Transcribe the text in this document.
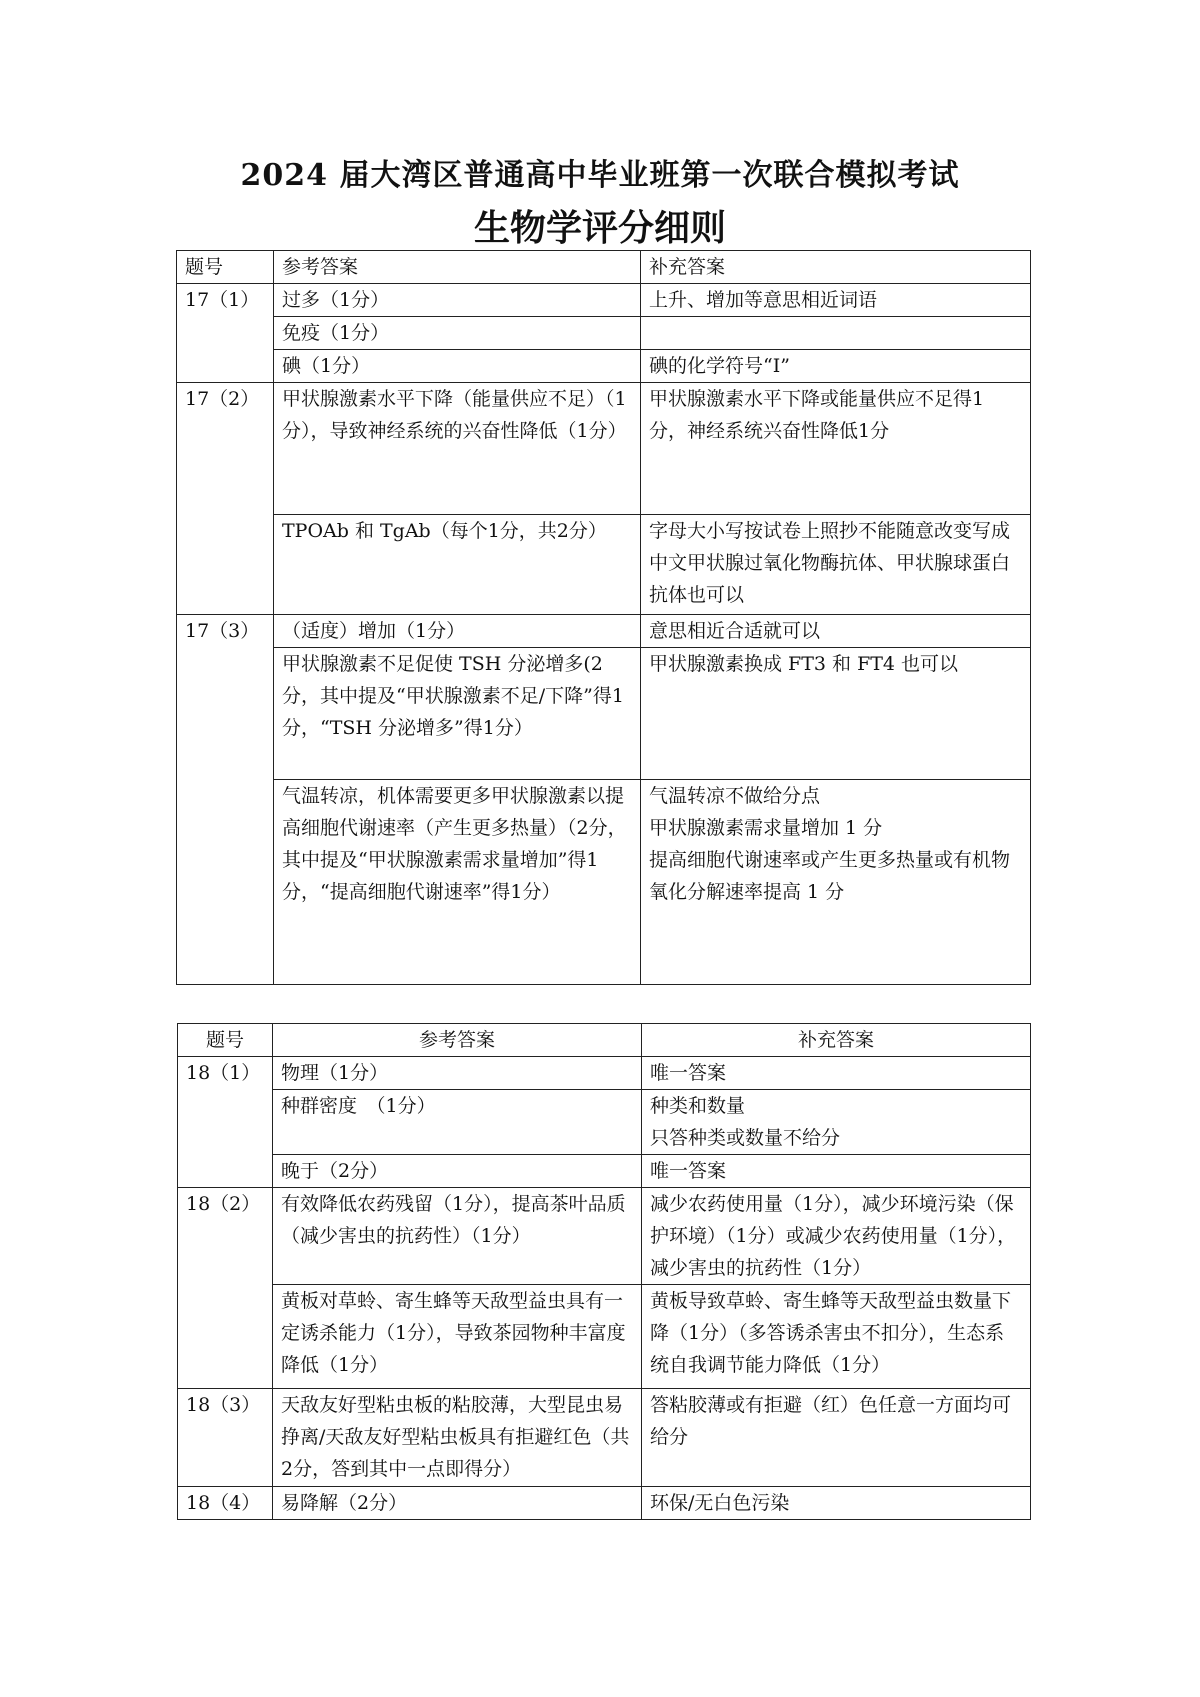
2024 届大湾区普通高中毕业班第一次联合模拟考试
生物学评分细则
题号	参考答案	补充答案
17（1）	过多（1分）	上升、增加等意思相近词语
	免疫（1分）	
	碘（1分）	碘的化学符号“I”
17（2）	甲状腺激素水平下降（能量供应不足）（1分），导致神经系统的兴奋性降低（1分）	甲状腺激素水平下降或能量供应不足得1分，神经系统兴奋性降低1分
	TPOAb 和 TgAb（每个1分，共2分）	字母大小写按试卷上照抄不能随意改变写成中文甲状腺过氧化物酶抗体、甲状腺球蛋白抗体也可以
17（3）	（适度）增加（1分）	意思相近合适就可以
	甲状腺激素不足促使 TSH 分泌增多(2分，其中提及“甲状腺激素不足/下降”得1分，“TSH 分泌增多”得1分）	甲状腺激素换成 FT3 和 FT4 也可以
	气温转凉，机体需要更多甲状腺激素以提高细胞代谢速率（产生更多热量）（2分，其中提及“甲状腺激素需求量增加”得1分，“提高细胞代谢速率”得1分）	气温转凉不做给分点
甲状腺激素需求量增加 1 分
提高细胞代谢速率或产生更多热量或有机物氧化分解速率提高 1 分
题号	参考答案	补充答案
18（1）	物理（1分）	唯一答案
	种群密度　（1分）	种类和数量
只答种类或数量不给分
	晚于（2分）	唯一答案
18（2）	有效降低农药残留（1分），提高茶叶品质（减少害虫的抗药性）（1分）	减少农药使用量（1分），减少环境污染（保护环境）（1分）或减少农药使用量（1分），减少害虫的抗药性（1分）
	黄板对草蛉、寄生蜂等天敌型益虫具有一定诱杀能力（1分），导致茶园物种丰富度降低（1分）	黄板导致草蛉、寄生蜂等天敌型益虫数量下降（1分）（多答诱杀害虫不扣分），生态系统自我调节能力降低（1分）
18（3）	天敌友好型粘虫板的粘胶薄，大型昆虫易挣离/天敌友好型粘虫板具有拒避红色（共2分，答到其中一点即得分）	答粘胶薄或有拒避（红）色任意一方面均可给分
18（4）	易降解（2分）	环保/无白色污染
